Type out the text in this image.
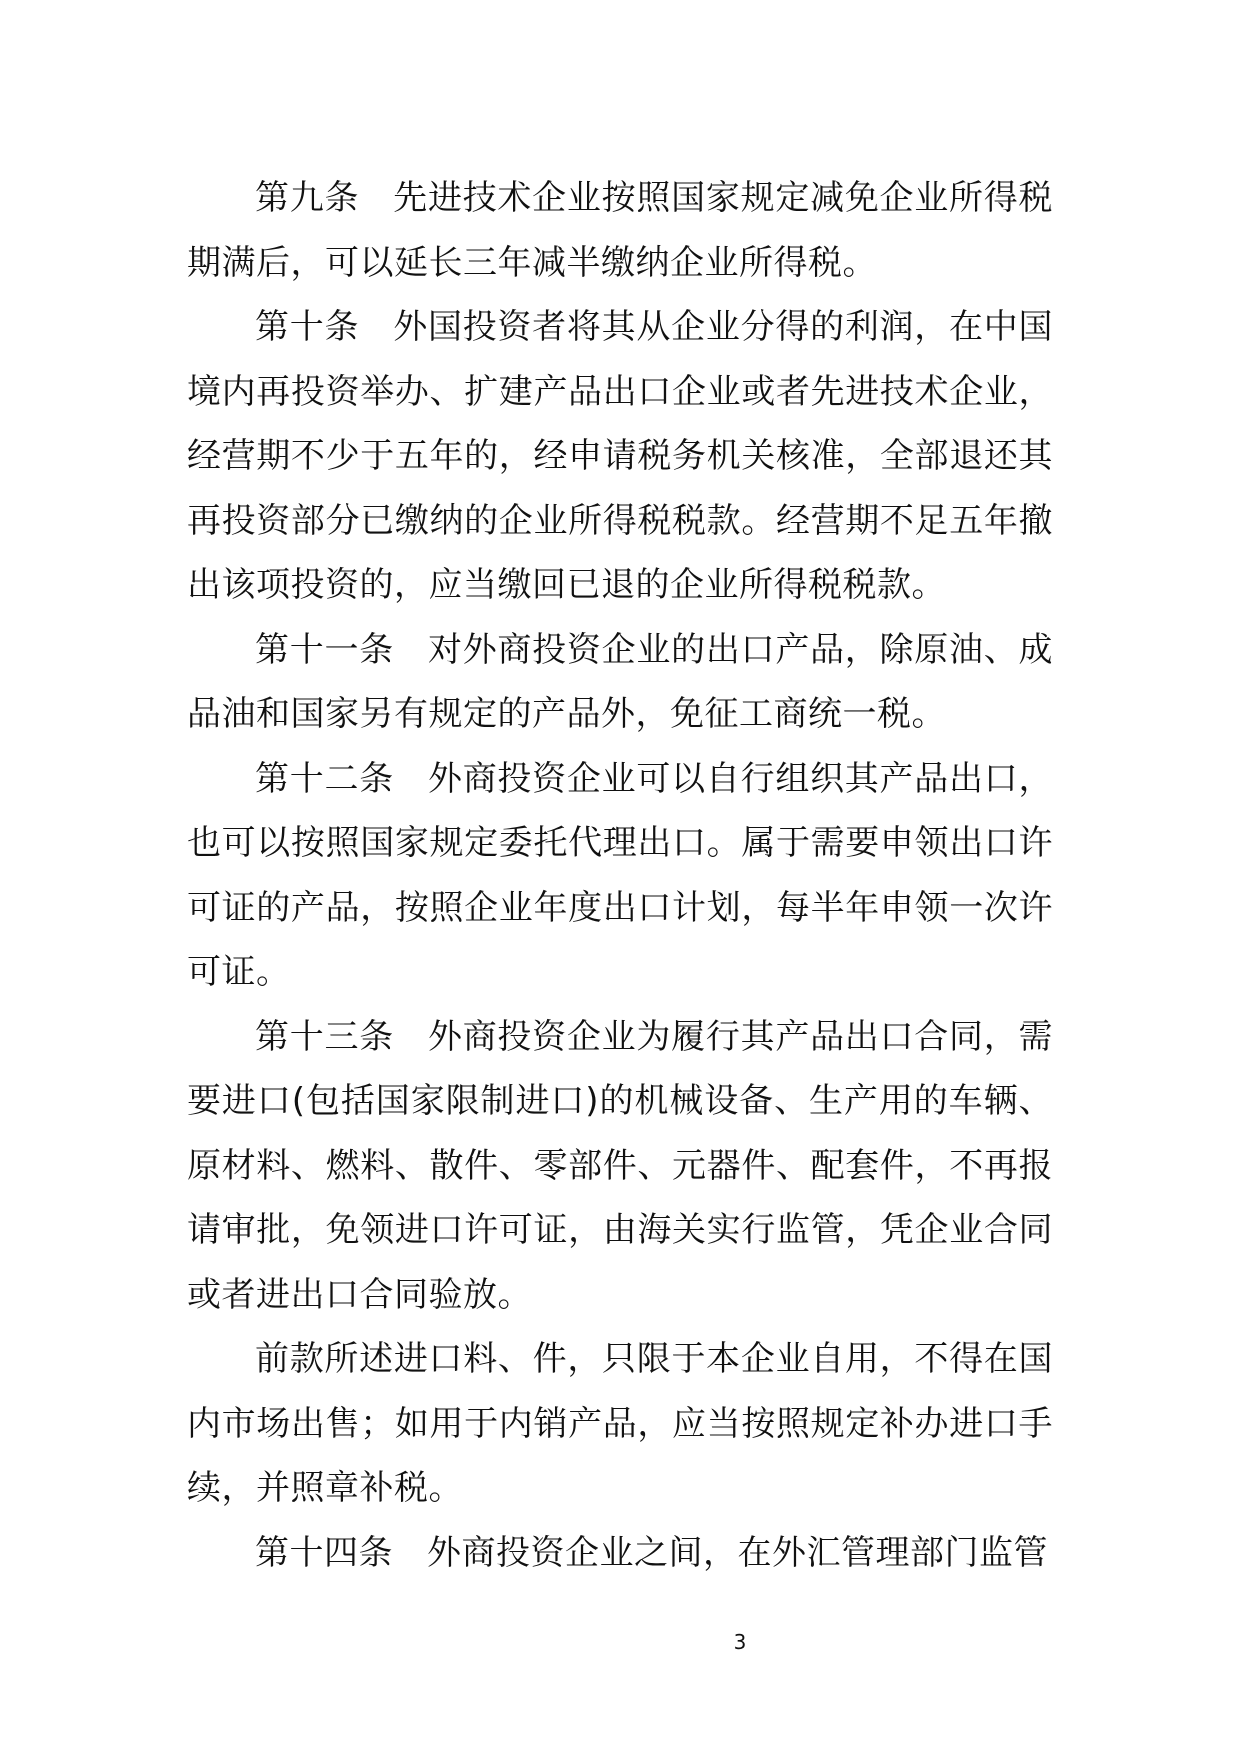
第九条 先进技术企业按照国家规定减免企业所得税期满后，可以延长三年减半缴纳企业所得税。

第十条 外国投资者将其从企业分得的利润，在中国境内再投资举办、扩建产品出口企业或者先进技术企业，经营期不少于五年的，经申请税务机关核准，全部退还其再投资部分已缴纳的企业所得税税款。经营期不足五年撤出该项投资的，应当缴回已退的企业所得税税款。

第十一条 对外商投资企业的出口产品，除原油、成品油和国家另有规定的产品外，免征工商统一税。

第十二条 外商投资企业可以自行组织其产品出口，也可以按照国家规定委托代理出口。属于需要申领出口许可证的产品，按照企业年度出口计划，每半年申领一次许可证。

第十三条 外商投资企业为履行其产品出口合同，需要进口(包括国家限制进口)的机械设备、生产用的车辆、原材料、燃料、散件、零部件、元器件、配套件，不再报请审批，免领进口许可证，由海关实行监管，凭企业合同或者进出口合同验放。

前款所述进口料、件，只限于本企业自用，不得在国内市场出售；如用于内销产品，应当按照规定补办进口手续，并照章补税。

第十四条 外商投资企业之间，在外汇管理部门监管

3
